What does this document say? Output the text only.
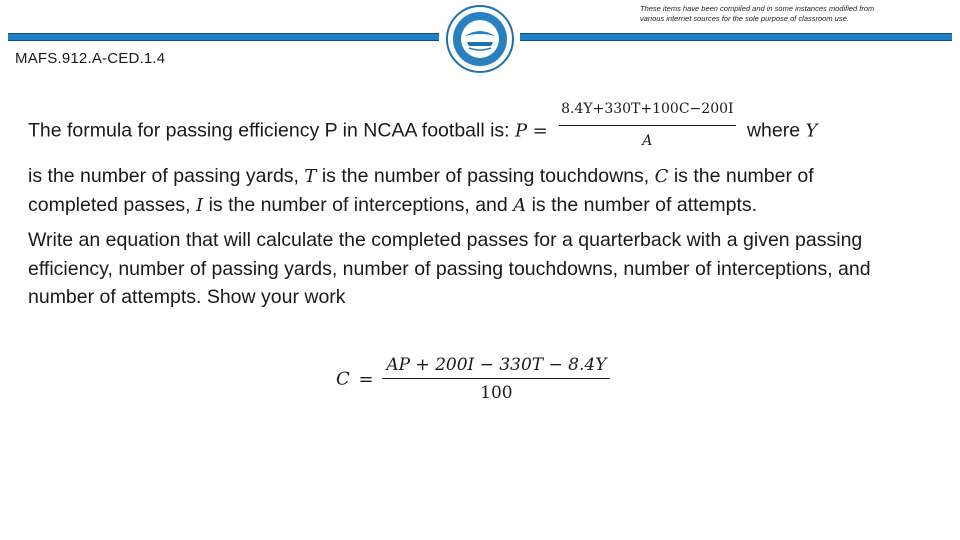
These items have been compiled and in some instances modified from
various internet sources for the sole purpose of classroom use.
MAFS.912.A-CED.1.4
The formula for passing efficiency P in NCAA football is: $P = \frac{8.4Y+330T+100C-200I}{A}$ where Y
is the number of passing yards, T is the number of passing touchdowns, C is the number of
completed passes, I is the number of interceptions, and A is the number of attempts.
Write an equation that will calculate the completed passes for a quarterback with a given passing efficiency, number of passing yards, number of passing touchdowns, number of interceptions, and number of attempts. Show your work
$C = \frac{AP + 200I - 330T - 8.4Y}{100}$
